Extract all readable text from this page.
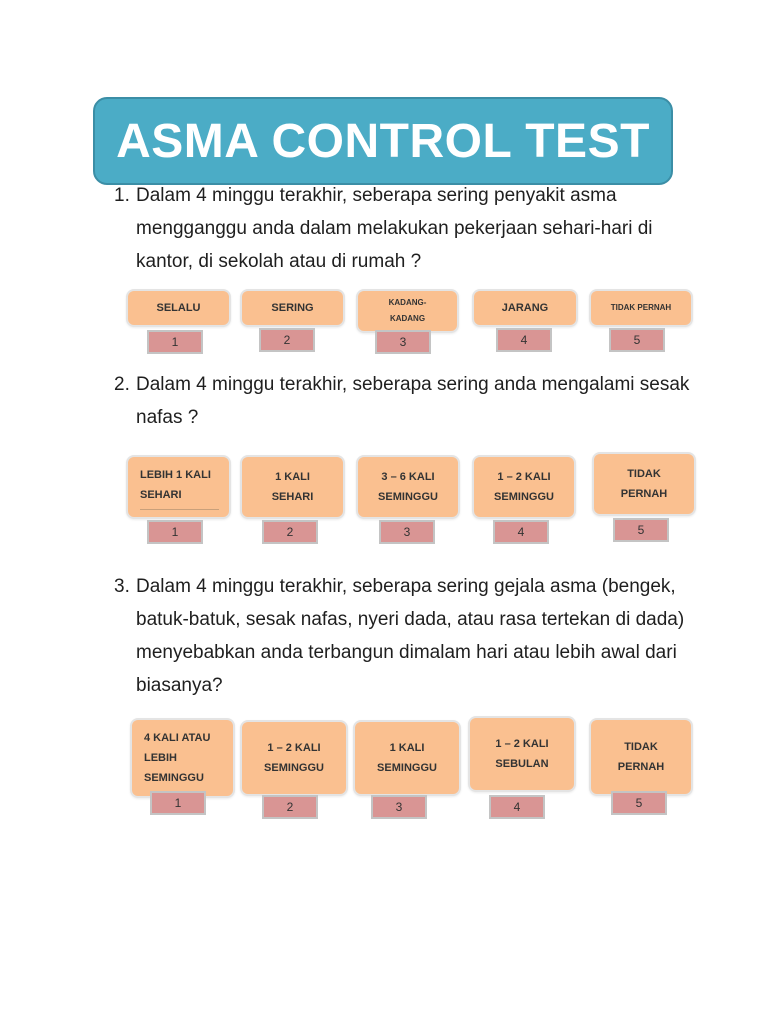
ASMA CONTROL TEST
1. Dalam 4 minggu terakhir, seberapa sering penyakit asma mengganggu anda dalam melakukan pekerjaan sehari-hari di kantor, di sekolah atau di rumah ?
SELALU	SERING	KADANG-KADANG
JARANG	TIDAK PERNAH
1	2	3	4	5
2. Dalam 4 minggu terakhir, seberapa sering anda mengalami sesak nafas ?
LEBIH 1 KALI SEHARI
1 KALI SEHARI
3 – 6 KALI SEMINGGU
1 – 2 KALI SEMINGGU
TIDAK PERNAH
1	2	3	4	5
3. Dalam 4 minggu terakhir, seberapa sering gejala asma (bengek, batuk-batuk, sesak nafas, nyeri dada, atau rasa tertekan di dada) menyebabkan anda terbangun dimalam hari atau lebih awal dari biasanya?
4 KALI ATAU LEBIH SEMINGGU
1 – 2 KALI SEMINGGU
1 KALI SEMINGGU
1 – 2 KALI SEBULAN
TIDAK PERNAH
1	2	3	4	5
